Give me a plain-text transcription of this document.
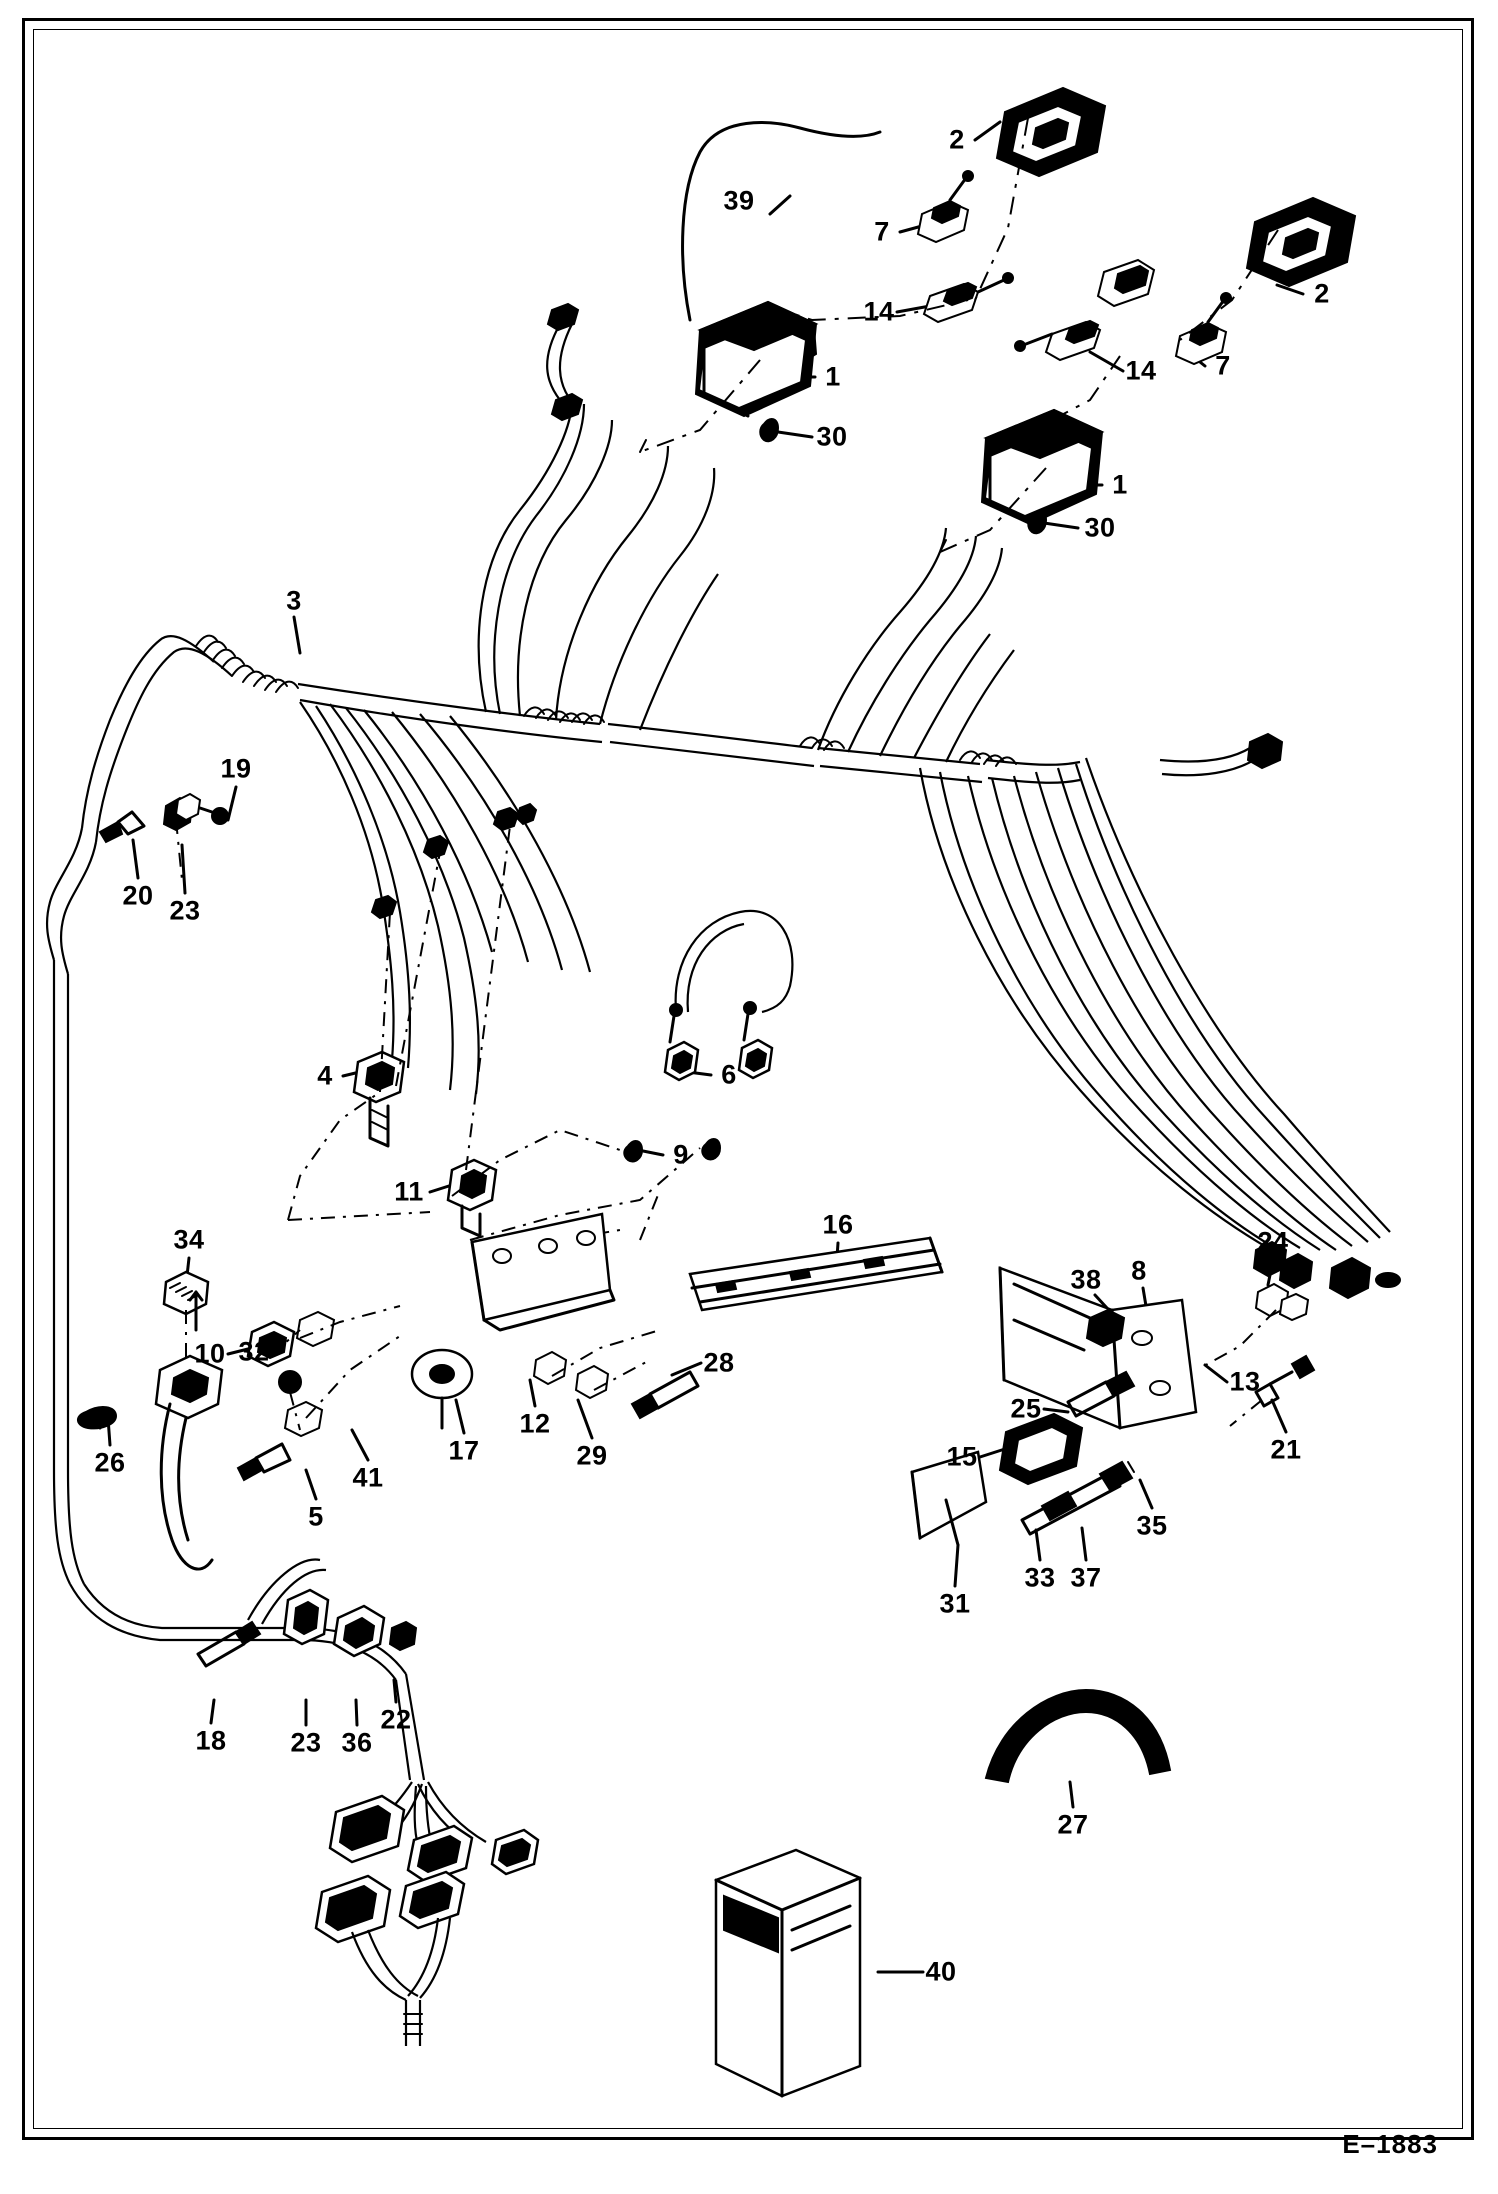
2
7
39
14
2
7
14
1
30
1
30
3
19
20 23
4	6
9
11
16
24
34
38 8
10	28
32
13
12
29
17
25
15	21
41
5
26
35
33 37
31
18 23 36
22
27
40
E–1883
